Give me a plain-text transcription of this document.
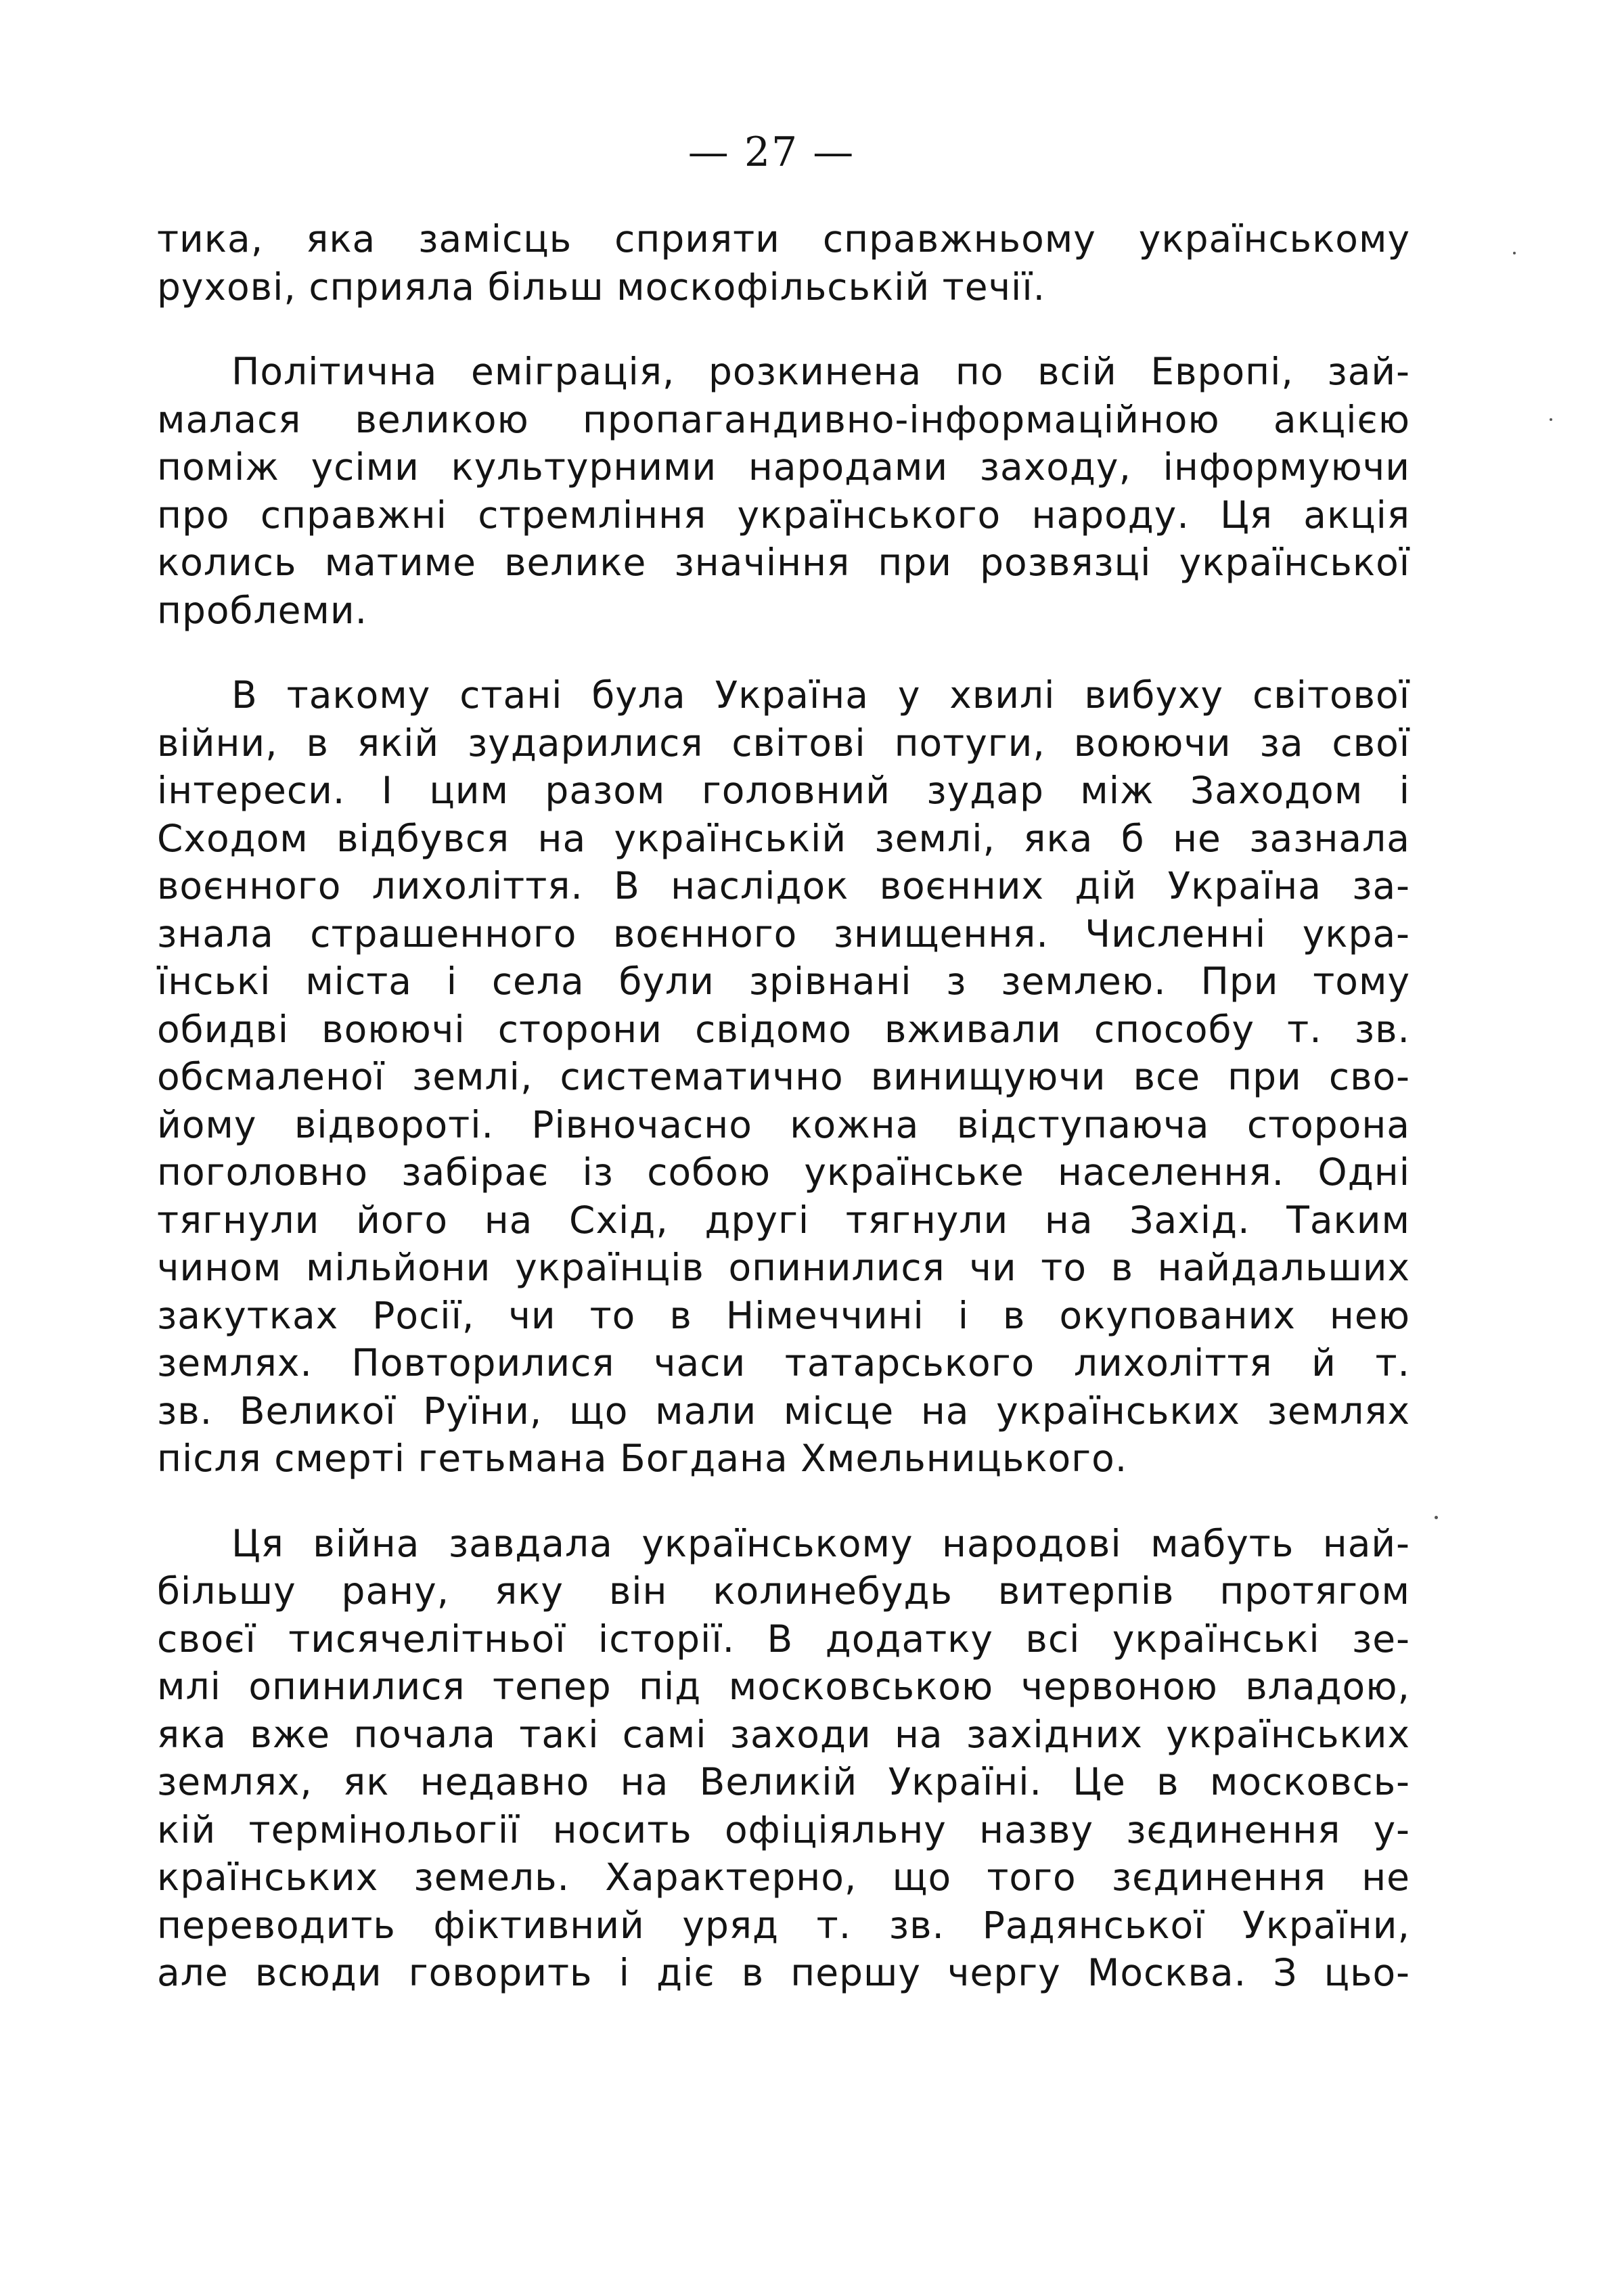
— 27 —
тика, яка замісць сприяти справжньому українському
рухові, сприяла більш москофільській течії.
Політична еміграція, розкинена по всій Европі, зай-
малася великою пропагандивно-інформаційною акцією
поміж усіми культурними народами заходу, інформуючи
про справжні стремління українського народу. Ця акція
колись матиме велике значіння при розвязці української
проблеми.
В такому стані була Україна у хвилі вибуху світової
війни, в якій зударилися світові потуги, воюючи за свої
інтереси. І цим разом головний зудар між Заходом і
Сходом відбувся на українській землі, яка б не зазнала
воєнного лихоліття. В наслідок воєнних дій Україна за-
знала страшенного воєнного знищення. Численні укра-
їнські міста і села були зрівнані з землею. При тому
обидві воюючі сторони свідомо вживали способу т. зв.
обсмаленої землі, систематично винищуючи все при сво-
йому відвороті. Рівночасно кожна відступаюча сторона
поголовно забірає із собою українське населення. Одні
тягнули його на Схід, другі тягнули на Захід. Таким
чином мільйони українців опинилися чи то в найдальших
закутках Росії, чи то в Німеччині і в окупованих нею
землях. Повторилися часи татарського лихоліття й т.
зв. Великої Руїни, що мали місце на українських землях
після смерті гетьмана Богдана Хмельницького.
Ця війна завдала українському народові мабуть най-
більшу рану, яку він колинебудь витерпів протягом
своєї тисячелітньої історії. В додатку всі українські зе-
млі опинилися тепер під московською червоною владою,
яка вже почала такі самі заходи на західних українських
землях, як недавно на Великій Україні. Це в московсь-
кій термінольогії носить офіціяльну назву зєдинення у-
країнських земель. Характерно, що того зєдинення не
переводить фіктивний уряд т. зв. Радянської України,
але всюди говорить і діє в першу чергу Москва. З цьо-
